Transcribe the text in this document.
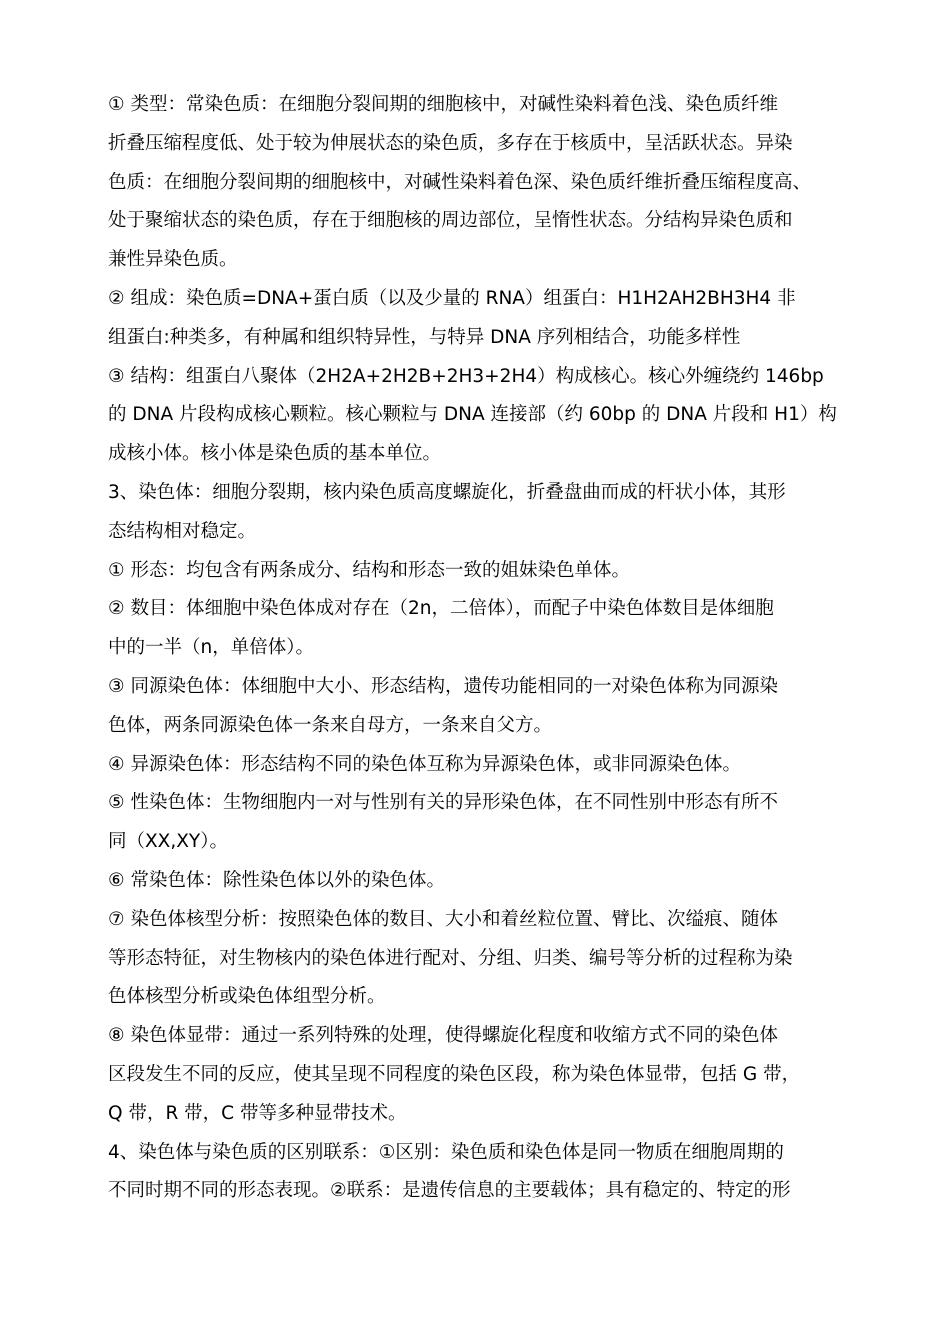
① 类型：常染色质：在细胞分裂间期的细胞核中，对碱性染料着色浅、染色质纤维
折叠压缩程度低、处于较为伸展状态的染色质，多存在于核质中，呈活跃状态。异染
色质：在细胞分裂间期的细胞核中，对碱性染料着色深、染色质纤维折叠压缩程度高、
处于聚缩状态的染色质，存在于细胞核的周边部位，呈惰性状态。分结构异染色质和
兼性异染色质。
② 组成：染色质=DNA+蛋白质（以及少量的 RNA）组蛋白：H1H2AH2BH3H4 非
组蛋白:种类多，有种属和组织特异性，与特异 DNA 序列相结合，功能多样性
③ 结构：组蛋白八聚体（2H2A+2H2B+2H3+2H4）构成核心。核心外缠绕约 146bp
的 DNA 片段构成核心颗粒。核心颗粒与 DNA 连接部（约 60bp 的 DNA 片段和 H1）构
成核小体。核小体是染色质的基本单位。
3、染色体：细胞分裂期，核内染色质高度螺旋化，折叠盘曲而成的杆状小体，其形
态结构相对稳定。
① 形态：均包含有两条成分、结构和形态一致的姐妹染色单体。
② 数目：体细胞中染色体成对存在（2n，二倍体），而配子中染色体数目是体细胞
中的一半（n，单倍体）。
③ 同源染色体：体细胞中大小、形态结构，遗传功能相同的一对染色体称为同源染
色体，两条同源染色体一条来自母方，一条来自父方。
④ 异源染色体：形态结构不同的染色体互称为异源染色体，或非同源染色体。
⑤ 性染色体：生物细胞内一对与性别有关的异形染色体，在不同性别中形态有所不
同（XX,XY）。
⑥ 常染色体：除性染色体以外的染色体。
⑦ 染色体核型分析：按照染色体的数目、大小和着丝粒位置、臂比、次缢痕、随体
等形态特征，对生物核内的染色体进行配对、分组、归类、编号等分析的过程称为染
色体核型分析或染色体组型分析。
⑧ 染色体显带：通过一系列特殊的处理，使得螺旋化程度和收缩方式不同的染色体
区段发生不同的反应，使其呈现不同程度的染色区段，称为染色体显带，包括 G 带，
Q 带，R 带，C 带等多种显带技术。
4、染色体与染色质的区别联系：①区别：染色质和染色体是同一物质在细胞周期的
不同时期不同的形态表现。②联系：是遗传信息的主要载体；具有稳定的、特定的形
